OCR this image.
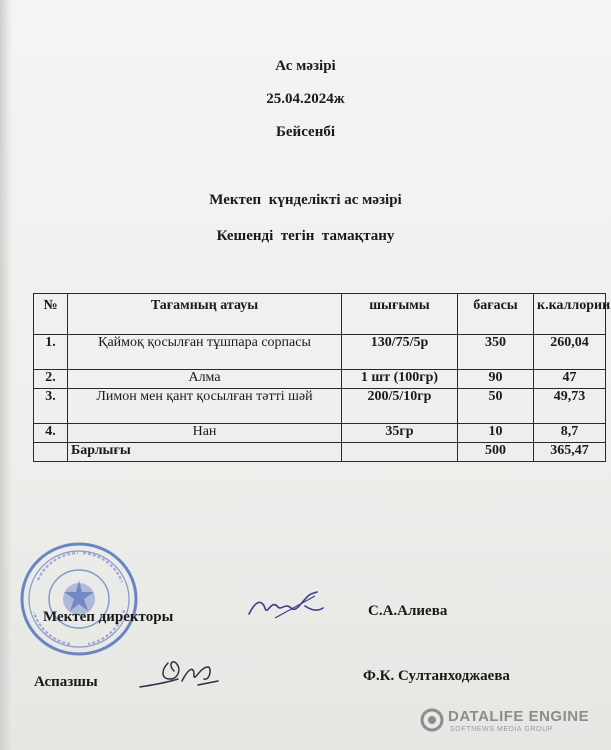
Ас мәзірі
25.04.2024ж
Бейсенбі
Мектеп  күнделікті ас мәзірі
Кешенді  тегін  тамақтану
№	Тағамның атауы	шығымы	бағасы	к.каллории
1.	Қаймоқ қосылған тұшпара сорпасы	130/75/5р	350	260,04
2.	Алма	1 шт (100гр)	90	47
3.	Лимон мен қант қосылған тәтті шәй	200/5/10гр	50	49,73
4.	Нан	35гр	10	8,7
	Барлығы		500	365,47
Мектеп директоры	С.А.Алиева
Аспазшы	Ф.К. Султанходжаева
DATALIFE ENGINE
SOFTNEWS MEDIA GROUP
